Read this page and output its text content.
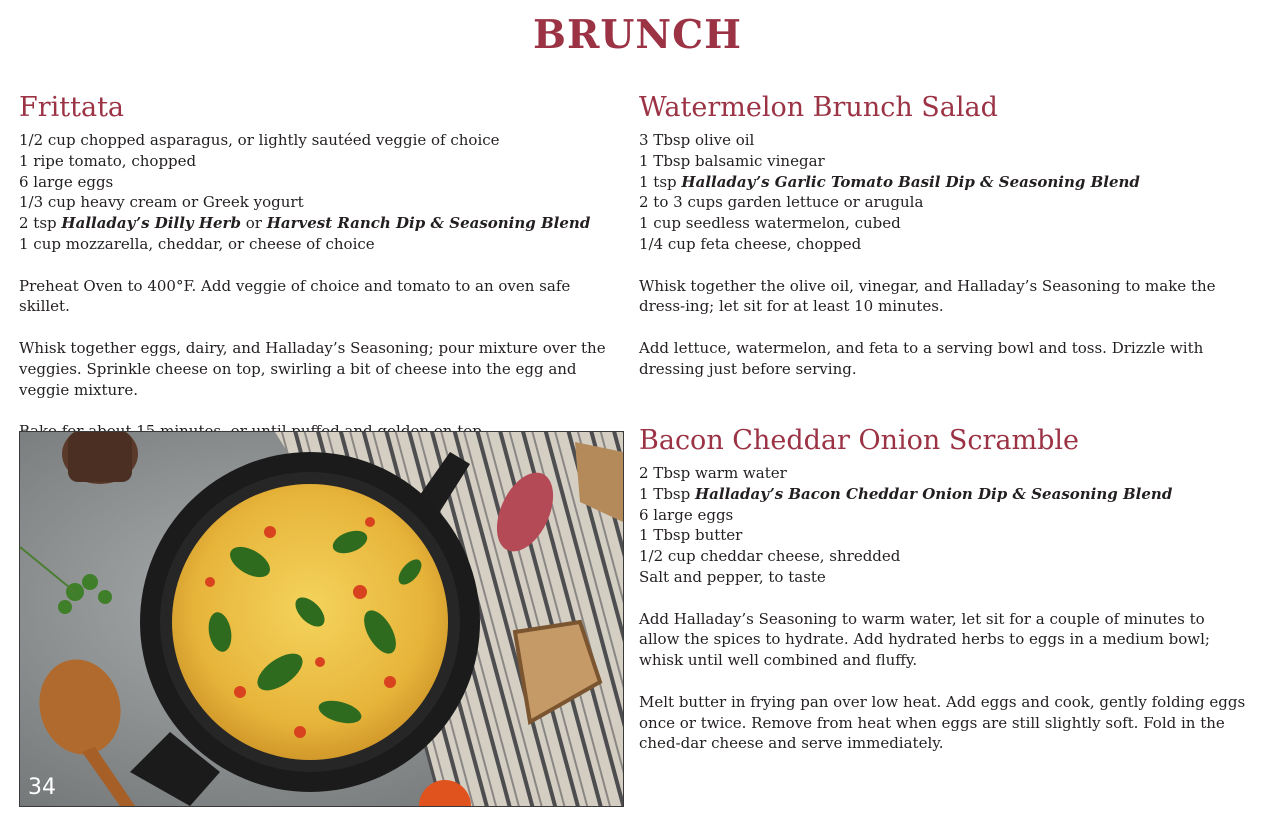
BRUNCH
Frittata
1/2 cup chopped asparagus, or lightly sautéed veggie of choice
1 ripe tomato, chopped
6 large eggs
1/3 cup heavy cream or Greek yogurt
2 tsp Halladay’s Dilly Herb or Harvest Ranch Dip & Seasoning Blend
1 cup mozzarella, cheddar, or cheese of choice
Preheat Oven to 400°F. Add veggie of choice and tomato to an oven safe skillet.
Whisk together eggs, dairy, and Halladay’s Seasoning; pour mixture over the veggies. Sprinkle cheese on top, swirling a bit of cheese into the egg and veggie mixture.
34
Watermelon Brunch Salad
3 Tbsp olive oil
1 Tbsp balsamic vinegar
1 tsp Halladay’s Garlic Tomato Basil Dip & Seasoning Blend
2 to 3 cups garden lettuce or arugula
1 cup seedless watermelon, cubed
1/4 cup feta cheese, chopped
Whisk together the olive oil, vinegar, and Halladay’s Seasoning to make the dress-ing; let sit for at least 10 minutes.
Add lettuce, watermelon, and feta to a serving bowl and toss. Drizzle with dressing just before serving.
Bacon Cheddar Onion Scramble
2 Tbsp warm water
1 Tbsp Halladay’s Bacon Cheddar Onion Dip & Seasoning Blend
6 large eggs
1 Tbsp butter
1/2 cup cheddar cheese, shredded
Salt and pepper, to taste
Add Halladay’s Seasoning to warm water, let sit for a couple of minutes to allow the spices to hydrate. Add hydrated herbs to eggs in a medium bowl; whisk until well combined and fluffy.
Melt butter in frying pan over low heat. Add eggs and cook, gently folding eggs once or twice. Remove from heat when eggs are still slightly soft. Fold in the ched-dar cheese and serve immediately.
